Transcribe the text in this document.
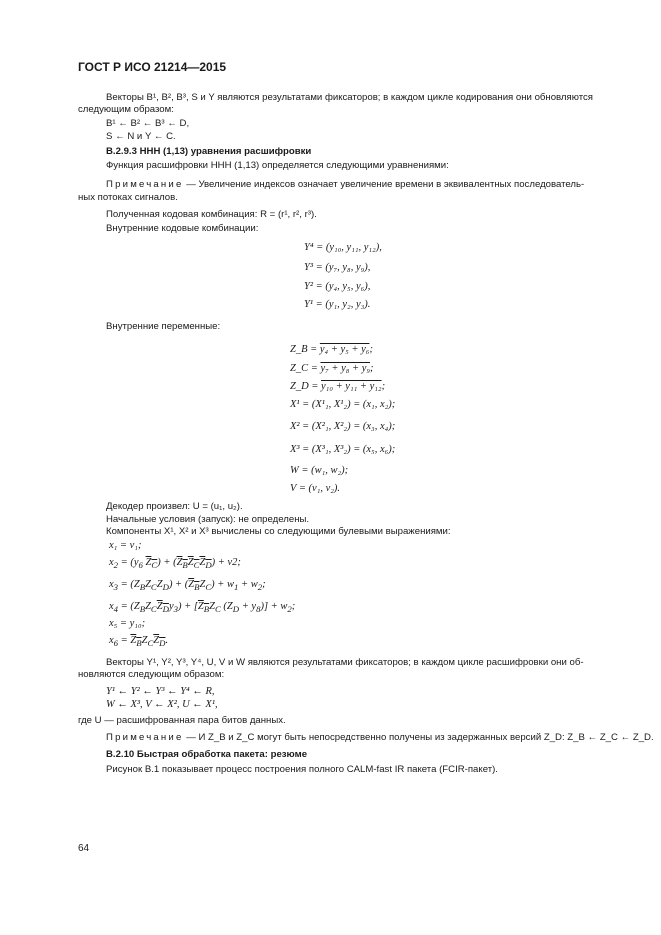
ГОСТ Р ИСО 21214—2015
Векторы B¹, B², B³, S и Y являются результатами фиксаторов; в каждом цикле кодирования они обновляются
следующим образом:
B¹ ← B² ← B³ ← D,
S ← N и Y ← C.
B.2.9.3 HHH (1,13) уравнения расшифровки
Функция расшифровки HHH (1,13) определяется следующими уравнениями:
Примечание — Увеличение индексов означает увеличение времени в эквивалентных последователь-
ных потоках сигналов.
Полученная кодовая комбинация: R = (r¹, r², r³).
Внутренние кодовые комбинации:
Y⁴ = (y₁₀, y₁₁, y₁₂),
Y³ = (y₇, y₈, y₉),
Y² = (y₄, y₅, y₆),
Y¹ = (y₁, y₂, y₃).
Внутренние переменные:
Z_B = y₄ + y₅ + y₆;
Z_C = y₇ + y₈ + y₉;
Z_D = y₁₀ + y₁₁ + y₁₂;
X¹ = (X¹₁, X¹₂) = (x₁, x₂);
X² = (X²₁, X²₂) = (x₃, x₄);
X³ = (X³₁, X³₂) = (x₅, x₆);
W = (w₁, w₂);
V = (v₁, v₂).
Декодер произвел: U = (u₁, u₂).
Начальные условия (запуск): не определены.
Компоненты X¹, X² и X³ вычислены со следующими булевыми выражениями:
x₁ = v₁;
$x_2 = (y_6$ $Z_C) + (Z_BZ_CZ_D) + v2$;
$x_3 = (Z_BZ_CZ_D) + (Z_BZ_C) + w_1 + w_2$;
$x_4 = (Z_BZ_CZ_Dy_3) + [Z_BZ_C$ $(Z_D + y_8)] + w_2$;
x₅ = y₁₀;
$x_6 = Z_BZ_CZ_D$.
Векторы Y¹, Y², Y³, Y⁴, U, V и W являются результатами фиксаторов; в каждом цикле расшифровки они об-
новляются следующим образом:
Y¹ ← Y² ← Y³ ← Y⁴ ← R,
W ← X³, V ← X², U ← X¹,
где U — расшифрованная пара битов данных.
Примечание — И Z_B и Z_C могут быть непосредственно получены из задержанных версий Z_D: Z_B ← Z_C ← Z_D.
B.2.10 Быстрая обработка пакета: резюме
Рисунок B.1 показывает процесс построения полного CALM-fast IR пакета (FCIR-пакет).
64
